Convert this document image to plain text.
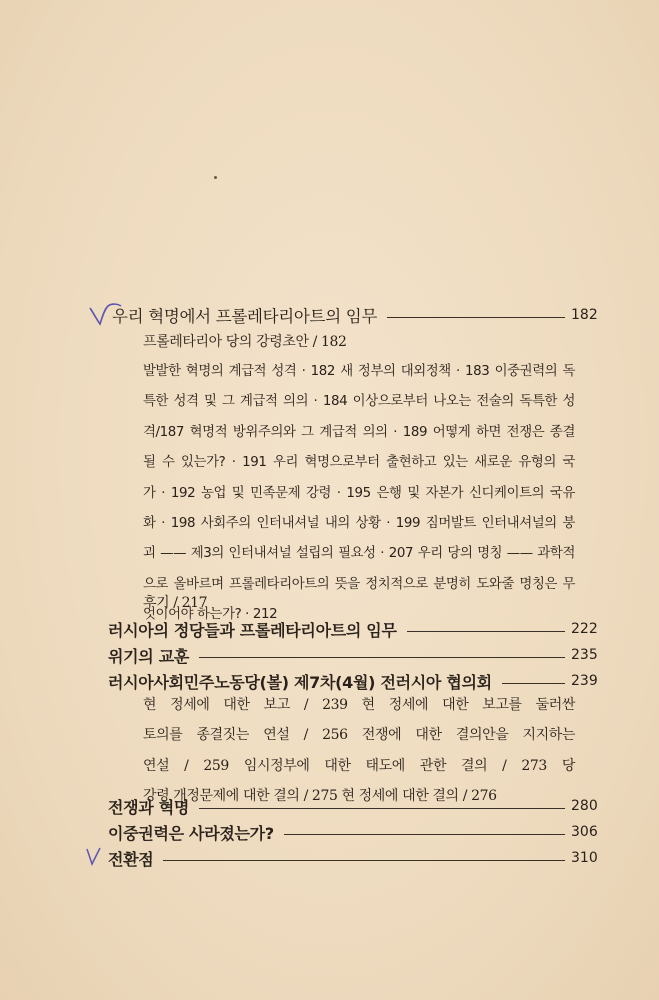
우리 혁명에서 프롤레타리아트의 임무	182
프롤레타리아 당의 강령초안 / 182
발발한 혁명의 계급적 성격 · 182 새 정부의 대외정책 · 183 이중권력의 독
특한 성격 및 그 계급적 의의 · 184 이상으로부터 나오는 전술의 독특한 성
격/187 혁명적 방위주의와 그 계급적 의의 · 189 어떻게 하면 전쟁은 종결
될 수 있는가? · 191 우리 혁명으로부터 출현하고 있는 새로운 유형의 국
가 · 192 농업 및 민족문제 강령 · 195 은행 및 자본가 신디케이트의 국유
화 · 198 사회주의 인터내셔널 내의 상황 · 199 짐머발트 인터내셔널의 붕
괴 —— 제3의 인터내셔널 설립의 필요성 · 207 우리 당의 명칭 —— 과학적
으로 올바르며 프롤레타리아트의 뜻을 정치적으로 분명히 도와줄 명칭은 무
엇이어야 하는가? · 212
후기 / 217
러시아의 정당들과 프롤레타리아트의 임무	222
위기의 교훈	235
러시아사회민주노동당(볼) 제7차(4월) 전러시아 협의회	239
현 정세에 대한 보고 / 239 현 정세에 대한 보고를 둘러싼
토의를 종결짓는 연설 / 256 전쟁에 대한 결의안을 지지하는
연설 / 259 임시정부에 대한 태도에 관한 결의 / 273 당
강령 개정문제에 대한 결의 / 275 현 정세에 대한 결의 / 276
전쟁과 혁명	280
이중권력은 사라졌는가?	306
전환점	310
